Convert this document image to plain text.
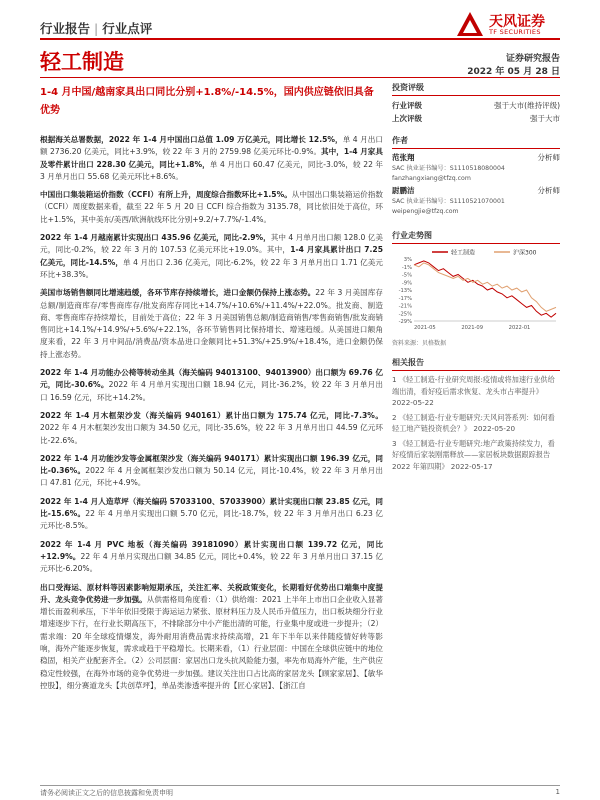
行业报告 | 行业点评	天风证券
TF SECURITIES
轻工制造	证券研究报告
2022 年 05 月 28 日
1-4 月中国/越南家具出口同比分别+1.8%/-14.5%，国内供应链依旧具备优势

根据海关总署数据，2022 年 1-4 月中国出口总值 1.09 万亿美元，同比增长 12.5%，单 4 月出口额 2736.20 亿美元，同比+3.9%，较 22 年 3 月的 2759.98 亿美元环比-0.9%。其中，1-4 月家具及零件累计出口 228.30 亿美元，同比+1.8%，单 4 月出口 60.47 亿美元，同比-3.0%，较 22 年 3 月单月出口 55.68 亿美元环比+8.6%。

中国出口集装箱运价指数（CCFI）有所上升，周度综合指数环比+1.5%。从中国出口集装箱运价指数（CCFI）周度数据来看，截至 22 年 5 月 20 日 CCFI 综合指数为 3135.78，同比依旧处于高位，环比+1.5%，其中美东/美西/欧洲航线环比分别+9.2/+7.7%/-1.4%。

2022 年 1-4 月越南累计实现出口 435.96 亿美元，同比-2.9%，其中 4 月单月出口额 128.0 亿美元，同比-0.2%，较 22 年 3 月的 107.53 亿美元环比+19.0%。其中，1-4 月家具累计出口 7.25 亿美元，同比-14.5%，单 4 月出口 2.36 亿美元，同比-6.2%，较 22 年 3 月单月出口 1.71 亿美元环比+38.3%。

美国市场销售额同比增速趋缓，各环节库存持续增长，进口金额仍保持上涨态势。22 年 3 月美国库存总额/制造商库存/零售商库存/批发商库存同比+14.7%/+10.6%/+11.4%/+22.0%。批发商、制造商、零售商库存持续增长，目前处于高位；22 年 3 月美国销售总额/制造商销售/零售商销售/批发商销售同比+14.1%/+14.9%/+5.6%/+22.1%，各环节销售同比保持增长、增速趋缓。从美国进口额角度来看，22 年 3 月中间品/消费品/资本品进口金额同比+51.3%/+25.9%/+18.4%，进口金额仍保持上涨态势。

2022 年 1-4 月功能办公椅等转动坐具（海关编码 94013100、94013900）出口额为 69.76 亿元，同比-30.6%。2022 年 4 月单月实现出口额 18.94 亿元，同比-36.2%，较 22 年 3 月单月出口 16.59 亿元，环比+14.2%。

2022 年 1-4 月木框架沙发（海关编码 940161）累计出口额为 175.74 亿元，同比-7.3%。2022 年 4 月木框架沙发出口额为 34.50 亿元，同比-35.6%，较 22 年 3 月单月出口 44.59 亿元环比-22.6%。

2022 年 1-4 月功能沙发等金属框架沙发（海关编码 940171）累计实现出口额 196.39 亿元，同比-0.36%。2022 年 4 月金属框架沙发出口额为 50.14 亿元，同比-10.4%，较 22 年 3 月单月出口 47.81 亿元，环比+4.9%。

2022 年 1-4 月人造草坪（海关编码 57033100、57033900）累计实现出口额 23.85 亿元，同比-15.6%。22 年 4 月单月实现出口额 5.70 亿元，同比-18.7%，较 22 年 3 月单月出口 6.23 亿元环比-8.5%。

2022 年 1-4 月 PVC 地板（海关编码 39181090）累计实现出口额 139.72 亿元，同比+12.9%。22 年 4 月单月实现出口额 34.85 亿元，同比+0.4%，较 22 年 3 月单月出口 37.15 亿元环比-6.20%。

出口受海运、原材料等因素影响短期承压，关注汇率、关税政策变化，长期看好优势出口端集中度提升、龙头竞争优势进一步加强。从供需格局角度看：（1）供给端：2021 上半年上市出口企业收入显著增长而盈利承压，下半年依旧受限于海运运力紧张、原材料压力及人民币升值压力，出口板块细分行业增速逐步下行，在行业长期高压下，不排除部分中小产能出清的可能，行业集中度或进一步提升；（2）需求端：20 年全球疫情爆发，海外耐用消费品需求持续高增，21 年下半年以来伴随疫情好转等影响，海外产能逐步恢复，需求或趋于平稳增长。长期来看，（1）行业层面：中国在全球供应链中的地位稳固，相关产业配套齐全。（2）公司层面：家居出口龙头抗风险能力强，率先布局海外产能，生产供应稳定性较强，在海外市场的竞争优势进一步加强。建议关注出口占比高的家居龙头【顾家家居】、【敏华控股】，细分赛道龙头【共创草坪】，单品类渗透率提升的【匠心家居】、【浙江自

投资评级
行业评级	强于大市(维持评级)
上次评级	强于大市
作者
范张翔	分析师
SAC 执业证书编号：S1110518080004
fanzhangxiang@tfzq.com
尉鹏洁	分析师
SAC 执业证书编号：S1110521070001
weipengjie@tfzq.com
行业走势图
轻工制造	沪深300
3%
-1%
-5%
-9%
-13%
-17%
-21%
-25%
-29%
2021-05	2021-09	2022-01
资料来源：贝格数据
相关报告
1 《轻工制造-行业研究周报:疫情或将加速行业供给端出清，看好疫后需求恢复、龙头市占率提升》 2022-05-22
2 《轻工制造-行业专题研究:天风问答系列：如何看轻工地产链投资机会？》 2022-05-20
3 《轻工制造-行业专题研究:地产政策持续发力，看好疫情后家装刚需释放——家居板块数据跟踪报告 2022 年第四期》 2022-05-17
请务必阅读正文之后的信息披露和免责申明	1
